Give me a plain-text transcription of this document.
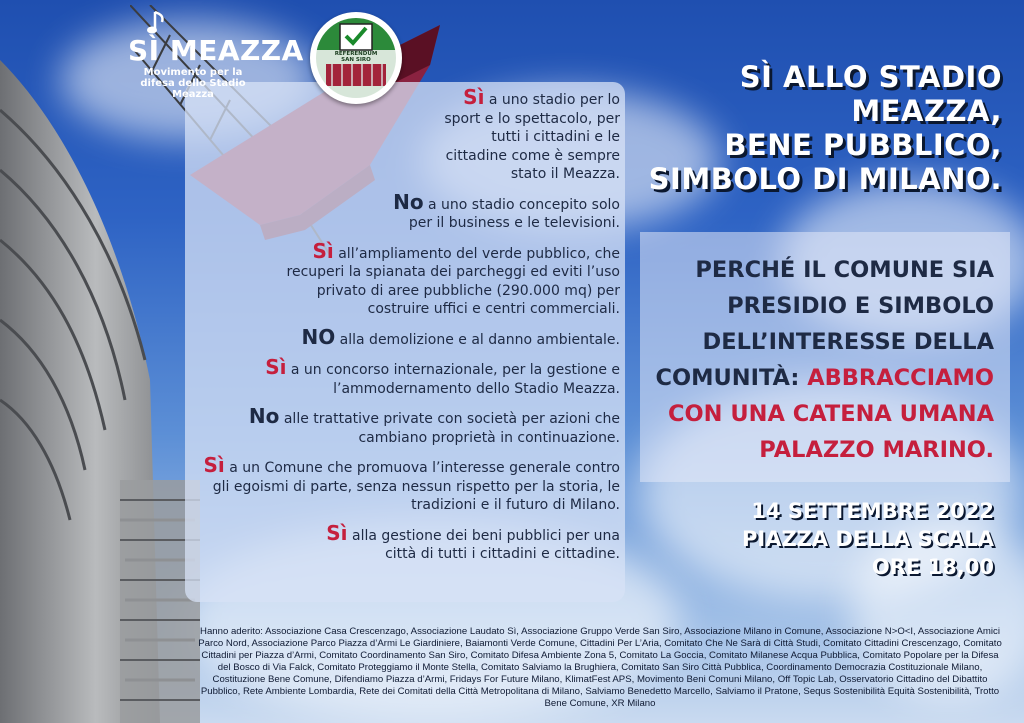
SÌ MEAZZA
Movimento per la difesa dello Stadio Meazza
REFERENDUM
SAN SIRO	SÌ ALLO STADIO MEAZZA,
BENE PUBBLICO,
SIMBOLO DI MILANO.
Sì a uno stadio per lo sport e lo spettacolo, per tutti i cittadini e le cittadine come è sempre stato il Meazza.
No a uno stadio concepito solo per il business e le televisioni.
Sì all’ampliamento del verde pubblico, che recuperi la spianata dei parcheggi ed eviti l’uso privato di aree pubbliche (290.000 mq) per costruire uffici e centri commerciali.
NO alla demolizione e al danno ambientale.
Sì a un concorso internazionale, per la gestione e l’ammodernamento dello Stadio Meazza.
No alle trattative private con società per azioni che cambiano proprietà in continuazione.
Sì a un Comune che promuova l’interesse generale contro gli egoismi di parte, senza nessun rispetto per la storia, le tradizioni e il futuro di Milano.
Sì alla gestione dei beni pubblici per una città di tutti i cittadini e cittadine.
PERCHÉ IL COMUNE SIA PRESIDIO E SIMBOLO DELL’INTERESSE DELLA COMUNITÀ: ABBRACCIAMO CON UNA CATENA UMANA PALAZZO MARINO.
14 SETTEMBRE 2022
PIAZZA DELLA SCALA
ORE 18,00
Hanno aderito: Associazione Casa Crescenzago, Associazione Laudato Sì, Associazione Gruppo Verde San Siro, Associazione Milano in Comune, Associazione N>O<I, Associazione Amici Parco Nord, Associazione Parco Piazza d’Armi Le Giardiniere, Baiamonti Verde Comune, Cittadini Per L’Aria, Comitato Che Ne Sarà di Città Studi, Comitato Cittadini Crescenzago, Comitato Cittadini per Piazza d’Armi, Comitato Coordinamento San Siro, Comitato Difesa Ambiente Zona 5, Comitato La Goccia, Comitato Milanese Acqua Pubblica, Comitato Popolare per la Difesa del Bosco di Via Falck, Comitato Proteggiamo il Monte Stella, Comitato Salviamo la Brughiera, Comitato San Siro Città Pubblica, Coordinamento Democrazia Costituzionale Milano, Costituzione Bene Comune, Difendiamo Piazza d’Armi, Fridays For Future Milano, KlimatFest APS, Movimento Beni Comuni Milano, Off Topic Lab, Osservatorio Cittadino del Dibattito Pubblico, Rete Ambiente Lombardia, Rete dei Comitati della Città Metropolitana di Milano, Salviamo Benedetto Marcello, Salviamo il Pratone, Sequs Sostenibilità Equità Sostenibilità, Trotto Bene Comune, XR Milano
